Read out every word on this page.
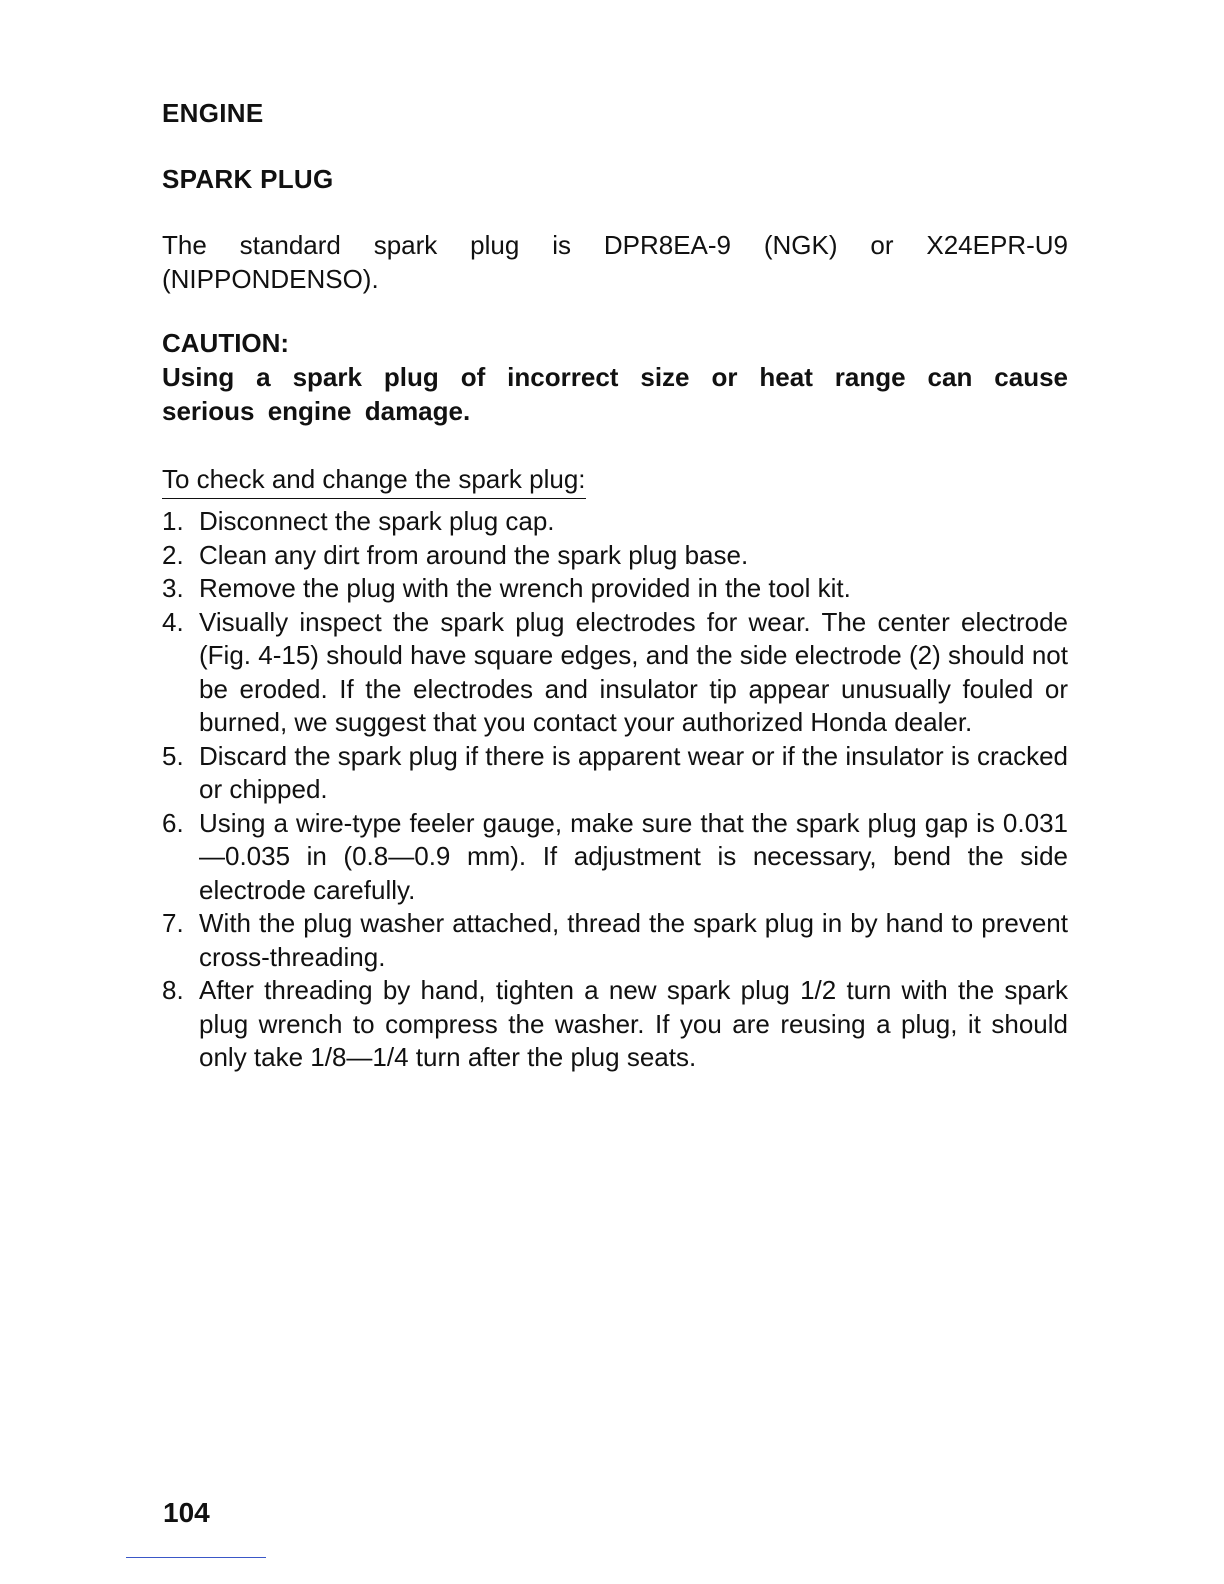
ENGINE
SPARK PLUG

The standard spark plug is DPR8EA-9 (NGK) or X24EPR-U9 (NIPPONDENSO).

CAUTION:

Using a spark plug of incorrect size or heat range can cause serious engine damage.

To check and change the spark plug:
1. Disconnect the spark plug cap.
2. Clean any dirt from around the spark plug base.
3. Remove the plug with the wrench provided in the tool kit.
4. Visually inspect the spark plug electrodes for wear. The center electrode (Fig. 4-15) should have square edges, and the side electrode (2) should not be eroded. If the electrodes and insulator tip appear unusually fouled or burned, we suggest that you contact your authorized Honda dealer.
5. Discard the spark plug if there is apparent wear or if the insulator is cracked or chipped.
6. Using a wire-type feeler gauge, make sure that the spark plug gap is 0.031—0.035 in (0.8—0.9 mm). If adjustment is necessary, bend the side electrode carefully.
7. With the plug washer attached, thread the spark plug in by hand to prevent cross-threading.
8. After threading by hand, tighten a new spark plug 1/2 turn with the spark plug wrench to compress the washer. If you are reusing a plug, it should only take 1/8—1/4 turn after the plug seats.

104
